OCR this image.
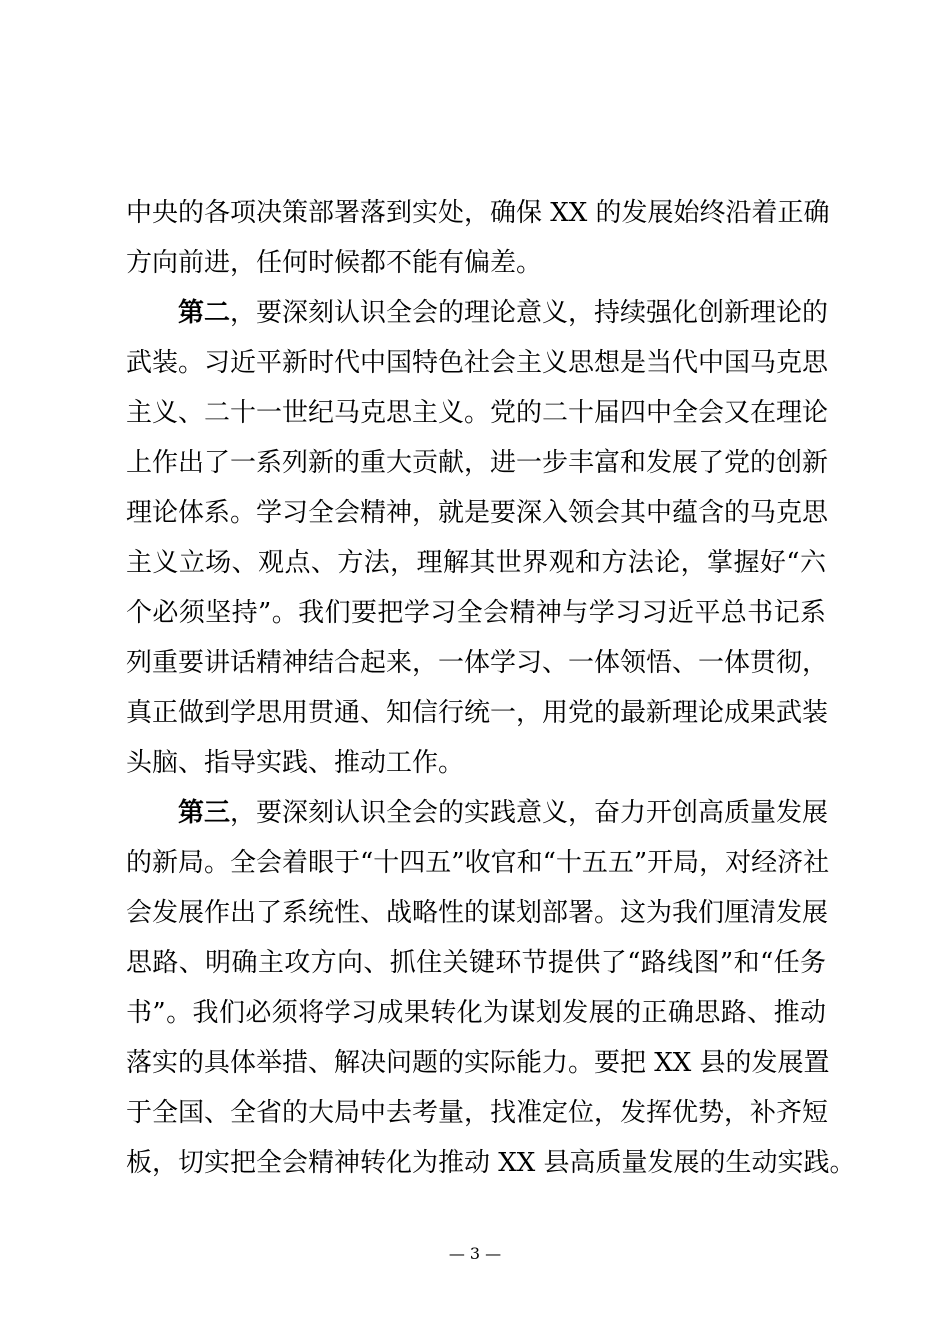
中央的各项决策部署落到实处，确保 XX 的发展始终沿着正确
方向前进，任何时候都不能有偏差。
第二，要深刻认识全会的理论意义，持续强化创新理论的
武装。习近平新时代中国特色社会主义思想是当代中国马克思
主义、二十一世纪马克思主义。党的二十届四中全会又在理论
上作出了一系列新的重大贡献，进一步丰富和发展了党的创新
理论体系。学习全会精神，就是要深入领会其中蕴含的马克思
主义立场、观点、方法，理解其世界观和方法论，掌握好“六
个必须坚持”。我们要把学习全会精神与学习习近平总书记系
列重要讲话精神结合起来，一体学习、一体领悟、一体贯彻，
真正做到学思用贯通、知信行统一，用党的最新理论成果武装
头脑、指导实践、推动工作。
第三，要深刻认识全会的实践意义，奋力开创高质量发展
的新局。全会着眼于“十四五”收官和“十五五”开局，对经济社
会发展作出了系统性、战略性的谋划部署。这为我们厘清发展
思路、明确主攻方向、抓住关键环节提供了“路线图”和“任务
书”。我们必须将学习成果转化为谋划发展的正确思路、推动
落实的具体举措、解决问题的实际能力。要把 XX 县的发展置
于全国、全省的大局中去考量，找准定位，发挥优势，补齐短
板，切实把全会精神转化为推动 XX 县高质量发展的生动实践。
— 3 —
